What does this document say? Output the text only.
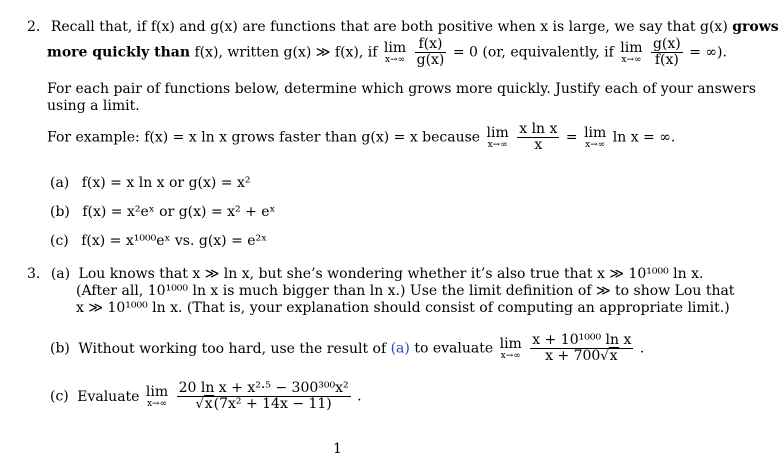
2. Recall that, if f(x) and g(x) are functions that are both positive when x is large, we say that g(x) grows
more quickly than f(x), written g(x) ≫ f(x), if lim
x→∞
$\frac{f(x)}{g(x)} = 0$ (or, equivalently, if lim
x→∞
$\frac{g(x)}{f(x)}$ = ∞).
For each pair of functions below, determine which grows more quickly. Justify each of your answers
using a limit.
For example: f(x) = x ln x grows faster than g(x) = x because lim
x→∞
$\frac{\text{x ln x}}{x} = \lim$
x→∞ ln x = ∞.
(a) f(x) = x ln x or g(x) = x²
(b) f(x) = x²eˣ or g(x) = x² + eˣ
(c) f(x) = x¹⁰⁰⁰eˣ vs. g(x) = e²ˣ
3. (a) Lou knows that x ≫ ln x, but she’s wondering whether it’s also true that x ≫ 10¹⁰⁰⁰ ln x.
(After all, 10¹⁰⁰⁰ ln x is much bigger than ln x.) Use the limit definition of ≫ to show Lou that
x ≫ 10¹⁰⁰⁰ ln x. (That is, your explanation should consist of computing an appropriate limit.)
(b) Without working too hard, use the result of (a) to evaluate lim
x→∞
$\frac{\text{x + 10¹⁰⁰⁰ ln x}}{x + 700√x}$ .
(c) Evaluate lim
x→∞
$\frac{\text{20 ln x + x²·⁵ − 300³⁰⁰x²}}{\text{√x(7x² + 14x − 11)}}$ .
1
